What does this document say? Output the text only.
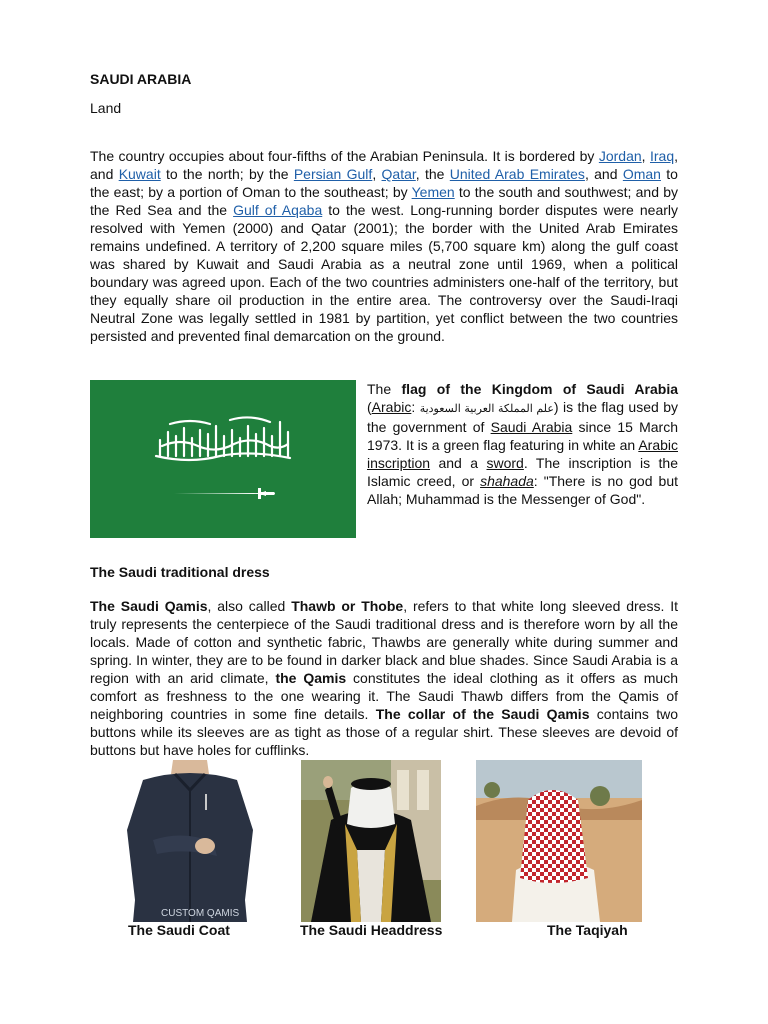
SAUDI ARABIA
Land

The country occupies about four-fifths of the Arabian Peninsula. It is bordered by Jordan, Iraq, and Kuwait to the north; by the Persian Gulf, Qatar, the United Arab Emirates, and Oman to the east; by a portion of Oman to the southeast; by Yemen to the south and southwest; and by the Red Sea and the Gulf of Aqaba to the west. Long-running border disputes were nearly resolved with Yemen (2000) and Qatar (2001); the border with the United Arab Emirates remains undefined. A territory of 2,200 square miles (5,700 square km) along the gulf coast was shared by Kuwait and Saudi Arabia as a neutral zone until 1969, when a political boundary was agreed upon. Each of the two countries administers one-half of the territory, but they equally share oil production in the entire area. The controversy over the Saudi-Iraqi Neutral Zone was legally settled in 1981 by partition, yet conflict between the two countries persisted and prevented final demarcation on the ground.

The flag of the Kingdom of Saudi Arabia (Arabic: علم المملكة العربية السعودية) is the flag used by the government of Saudi Arabia since 15 March 1973. It is a green flag featuring in white an Arabic inscription and a sword. The inscription is the Islamic creed, or shahada: "There is no god but Allah; Muhammad is the Messenger of God".

The Saudi traditional dress

The Saudi Qamis, also called Thawb or Thobe, refers to that white long sleeved dress. It truly represents the centerpiece of the Saudi traditional dress and is therefore worn by all the locals. Made of cotton and synthetic fabric, Thawbs are generally white during summer and spring. In winter, they are to be found in darker black and blue shades. Since Saudi Arabia is a region with an arid climate, the Qamis constitutes the ideal clothing as it offers as much comfort as freshness to the one wearing it. The Saudi Thawb differs from the Qamis of neighboring countries in some fine details. The collar of the Saudi Qamis contains two buttons while its sleeves are as tight as those of a regular shirt. These sleeves are devoid of buttons but have holes for cufflinks.

CUSTOM QAMIS
The Saudi Coat	The Saudi Headdress	The Taqiyah
